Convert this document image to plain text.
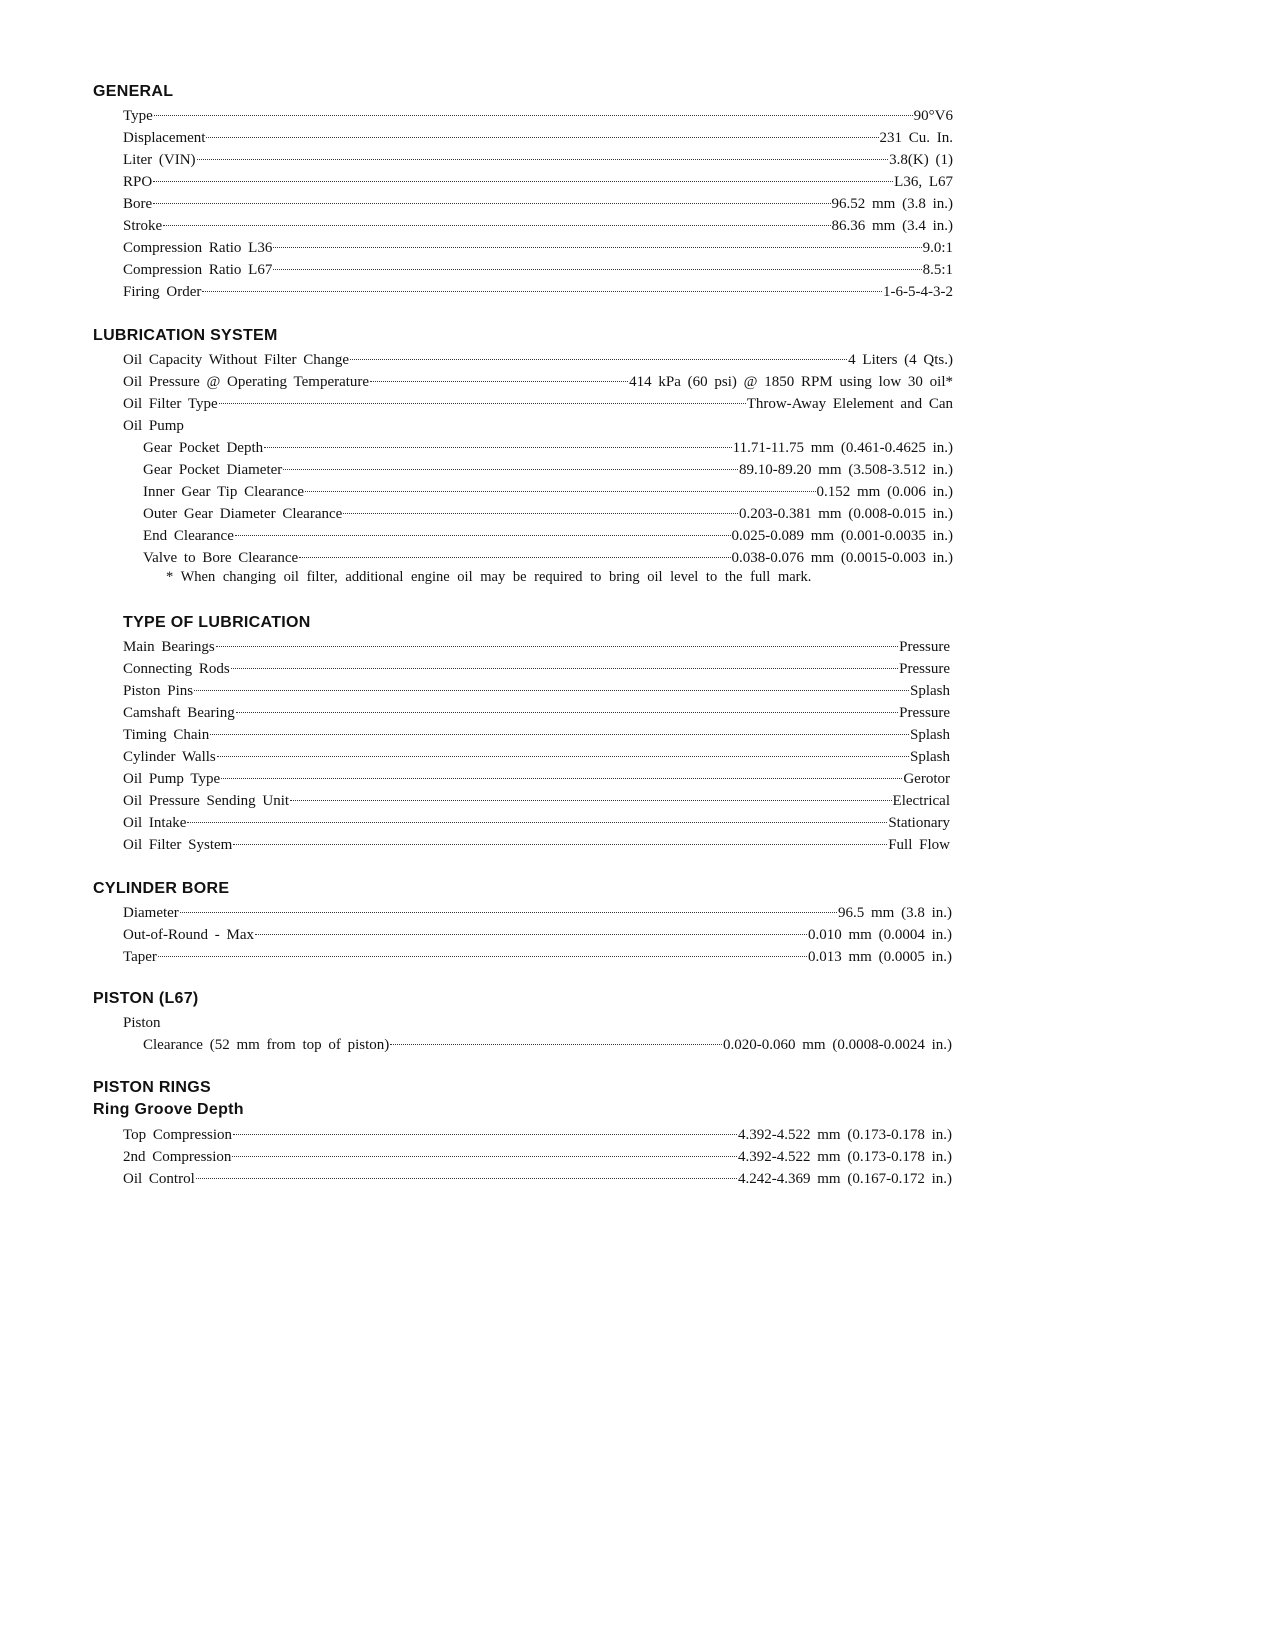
GENERAL
Type	90°V6
Displacement	231 Cu. In.
Liter (VIN)	3.8(K) (1)
RPO	L36, L67
Bore	96.52 mm (3.8 in.)
Stroke	86.36 mm (3.4 in.)
Compression Ratio L36	9.0:1
Compression Ratio L67	8.5:1
Firing Order	1-6-5-4-3-2
LUBRICATION SYSTEM
Oil Capacity Without Filter Change	4 Liters (4 Qts.)
Oil Pressure @ Operating Temperature	414 kPa (60 psi) @ 1850 RPM using low 30 oil*
Oil Filter Type	Throw-Away Elelement and Can
Oil Pump
Gear Pocket Depth	11.71-11.75 mm (0.461-0.4625 in.)
Gear Pocket Diameter	89.10-89.20 mm (3.508-3.512 in.)
Inner Gear Tip Clearance	0.152 mm (0.006 in.)
Outer Gear Diameter Clearance	0.203-0.381 mm (0.008-0.015 in.)
End Clearance	0.025-0.089 mm (0.001-0.0035 in.)
Valve to Bore Clearance	0.038-0.076 mm (0.0015-0.003 in.)
* When changing oil filter, additional engine oil may be required to bring oil level to the full mark.
TYPE OF LUBRICATION
Main Bearings	Pressure
Connecting Rods	Pressure
Piston Pins	Splash
Camshaft Bearing	Pressure
Timing Chain	Splash
Cylinder Walls	Splash
Oil Pump Type	Gerotor
Oil Pressure Sending Unit	Electrical
Oil Intake	Stationary
Oil Filter System	Full Flow
CYLINDER BORE
Diameter	96.5 mm (3.8 in.)
Out-of-Round - Max	0.010 mm (0.0004 in.)
Taper	0.013 mm (0.0005 in.)
PISTON (L67)
Piston
Clearance (52 mm from top of piston)	0.020-0.060 mm (0.0008-0.0024 in.)
PISTON RINGS
Ring Groove Depth
Top Compression	4.392-4.522 mm (0.173-0.178 in.)
2nd Compression	4.392-4.522 mm (0.173-0.178 in.)
Oil Control	4.242-4.369 mm (0.167-0.172 in.)
